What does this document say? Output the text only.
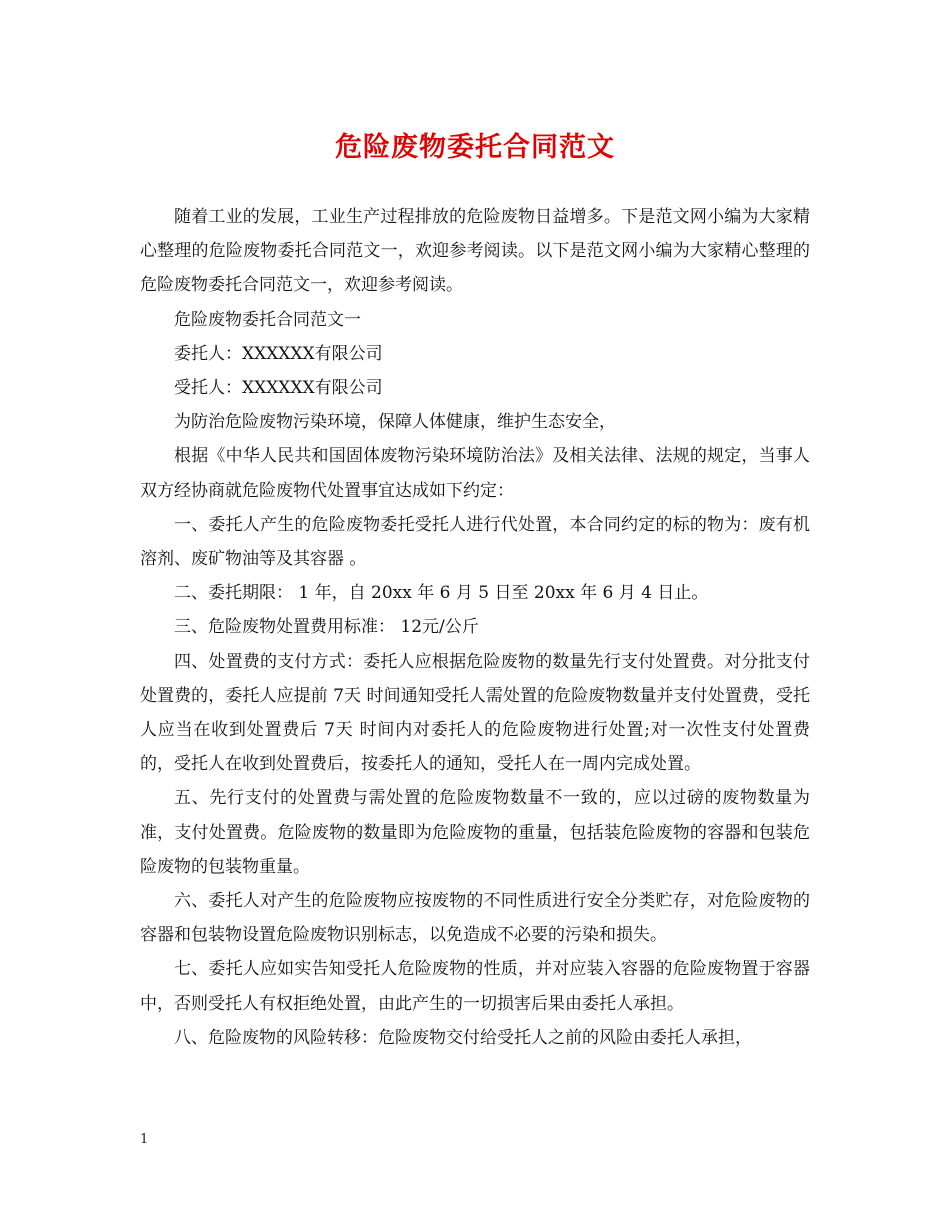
危险废物委托合同范文

随着工业的发展，工业生产过程排放的危险废物日益增多。下是范文网小编为大家精心整理的危险废物委托合同范文一，欢迎参考阅读。以下是范文网小编为大家精心整理的危险废物委托合同范文一，欢迎参考阅读。

危险废物委托合同范文一

委托人：XXXXXX有限公司

受托人：XXXXXX有限公司

为防治危险废物污染环境，保障人体健康，维护生态安全，

根据《中华人民共和国固体废物污染环境防治法》及相关法律、法规的规定，当事人双方经协商就危险废物代处置事宜达成如下约定：

一、委托人产生的危险废物委托受托人进行代处置，本合同约定的标的物为：废有机溶剂、废矿物油等及其容器 。

二、委托期限： 1 年，自 20xx 年 6 月 5 日至 20xx 年 6 月 4 日止。

三、危险废物处置费用标准： 12元/公斤

四、处置费的支付方式：委托人应根据危险废物的数量先行支付处置费。对分批支付处置费的，委托人应提前 7天 时间通知受托人需处置的危险废物数量并支付处置费，受托人应当在收到处置费后 7天 时间内对委托人的危险废物进行处置;对一次性支付处置费的，受托人在收到处置费后，按委托人的通知，受托人在一周内完成处置。

五、先行支付的处置费与需处置的危险废物数量不一致的，应以过磅的废物数量为准，支付处置费。危险废物的数量即为危险废物的重量，包括装危险废物的容器和包装危险废物的包装物重量。

六、委托人对产生的危险废物应按废物的不同性质进行安全分类贮存，对危险废物的容器和包装物设置危险废物识别标志，以免造成不必要的污染和损失。

七、委托人应如实告知受托人危险废物的性质，并对应装入容器的危险废物置于容器中，否则受托人有权拒绝处置，由此产生的一切损害后果由委托人承担。

八、危险废物的风险转移：危险废物交付给受托人之前的风险由委托人承担，

1
